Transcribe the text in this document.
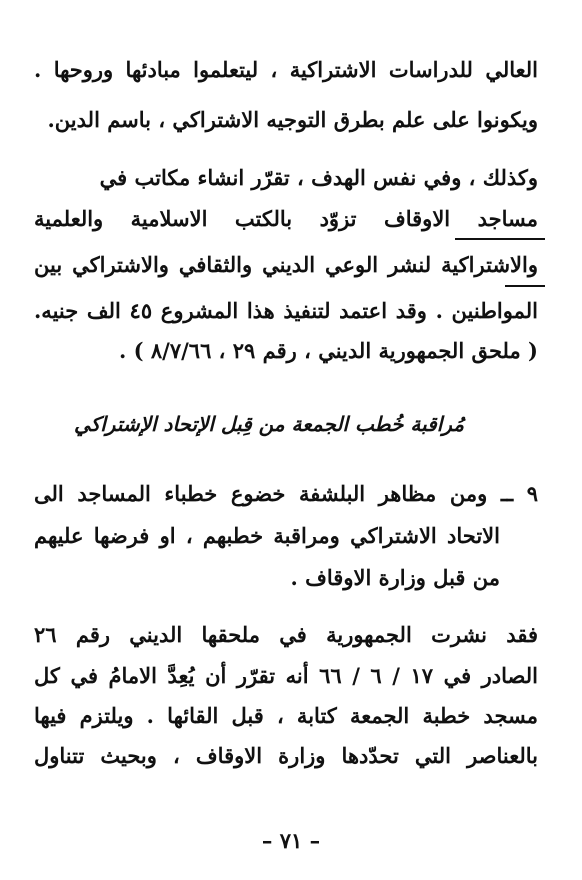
العالي للدراسات الاشتراكية ، ليتعلموا مبادئها وروحها .
ويكونوا على علم بطرق التوجيه الاشتراكي ، باسم الدين.
وكذلك ، وفي نفس الهدف ، تقرّر انشاء مكاتب في
مساجد الاوقاف تزوّد بالكتب الاسلامية والعلمية
والاشتراكية لنشر الوعي الديني والثقافي والاشتراكي بين
المواطنين . وقد اعتمد لتنفيذ هذا المشروع ٤٥ الف جنيه.
( ملحق الجمهورية الديني ، رقم ٢٩ ، ٨/٧/٦٦ ) .
مُراقبة خُطب الجمعة من قِبل الإتحاد الإشتراكي
٩ ــ ومن مظاهر البلشفة خضوع خطباء المساجد الى
الاتحاد الاشتراكي ومراقبة خطبهم ، او فرضها عليهم
من قبل وزارة الاوقاف .
فقد نشرت الجمهورية في ملحقها الديني رقم ٢٦
الصادر في ١٧ / ٦ / ٦٦ أنه تقرّر أن يُعِدَّ الامامُ في كل
مسجد خطبة الجمعة كتابة ، قبل القائها . ويلتزم فيها
بالعناصر التي تحدّدها وزارة الاوقاف ، وبحيث تتناول
– ٧١ –
